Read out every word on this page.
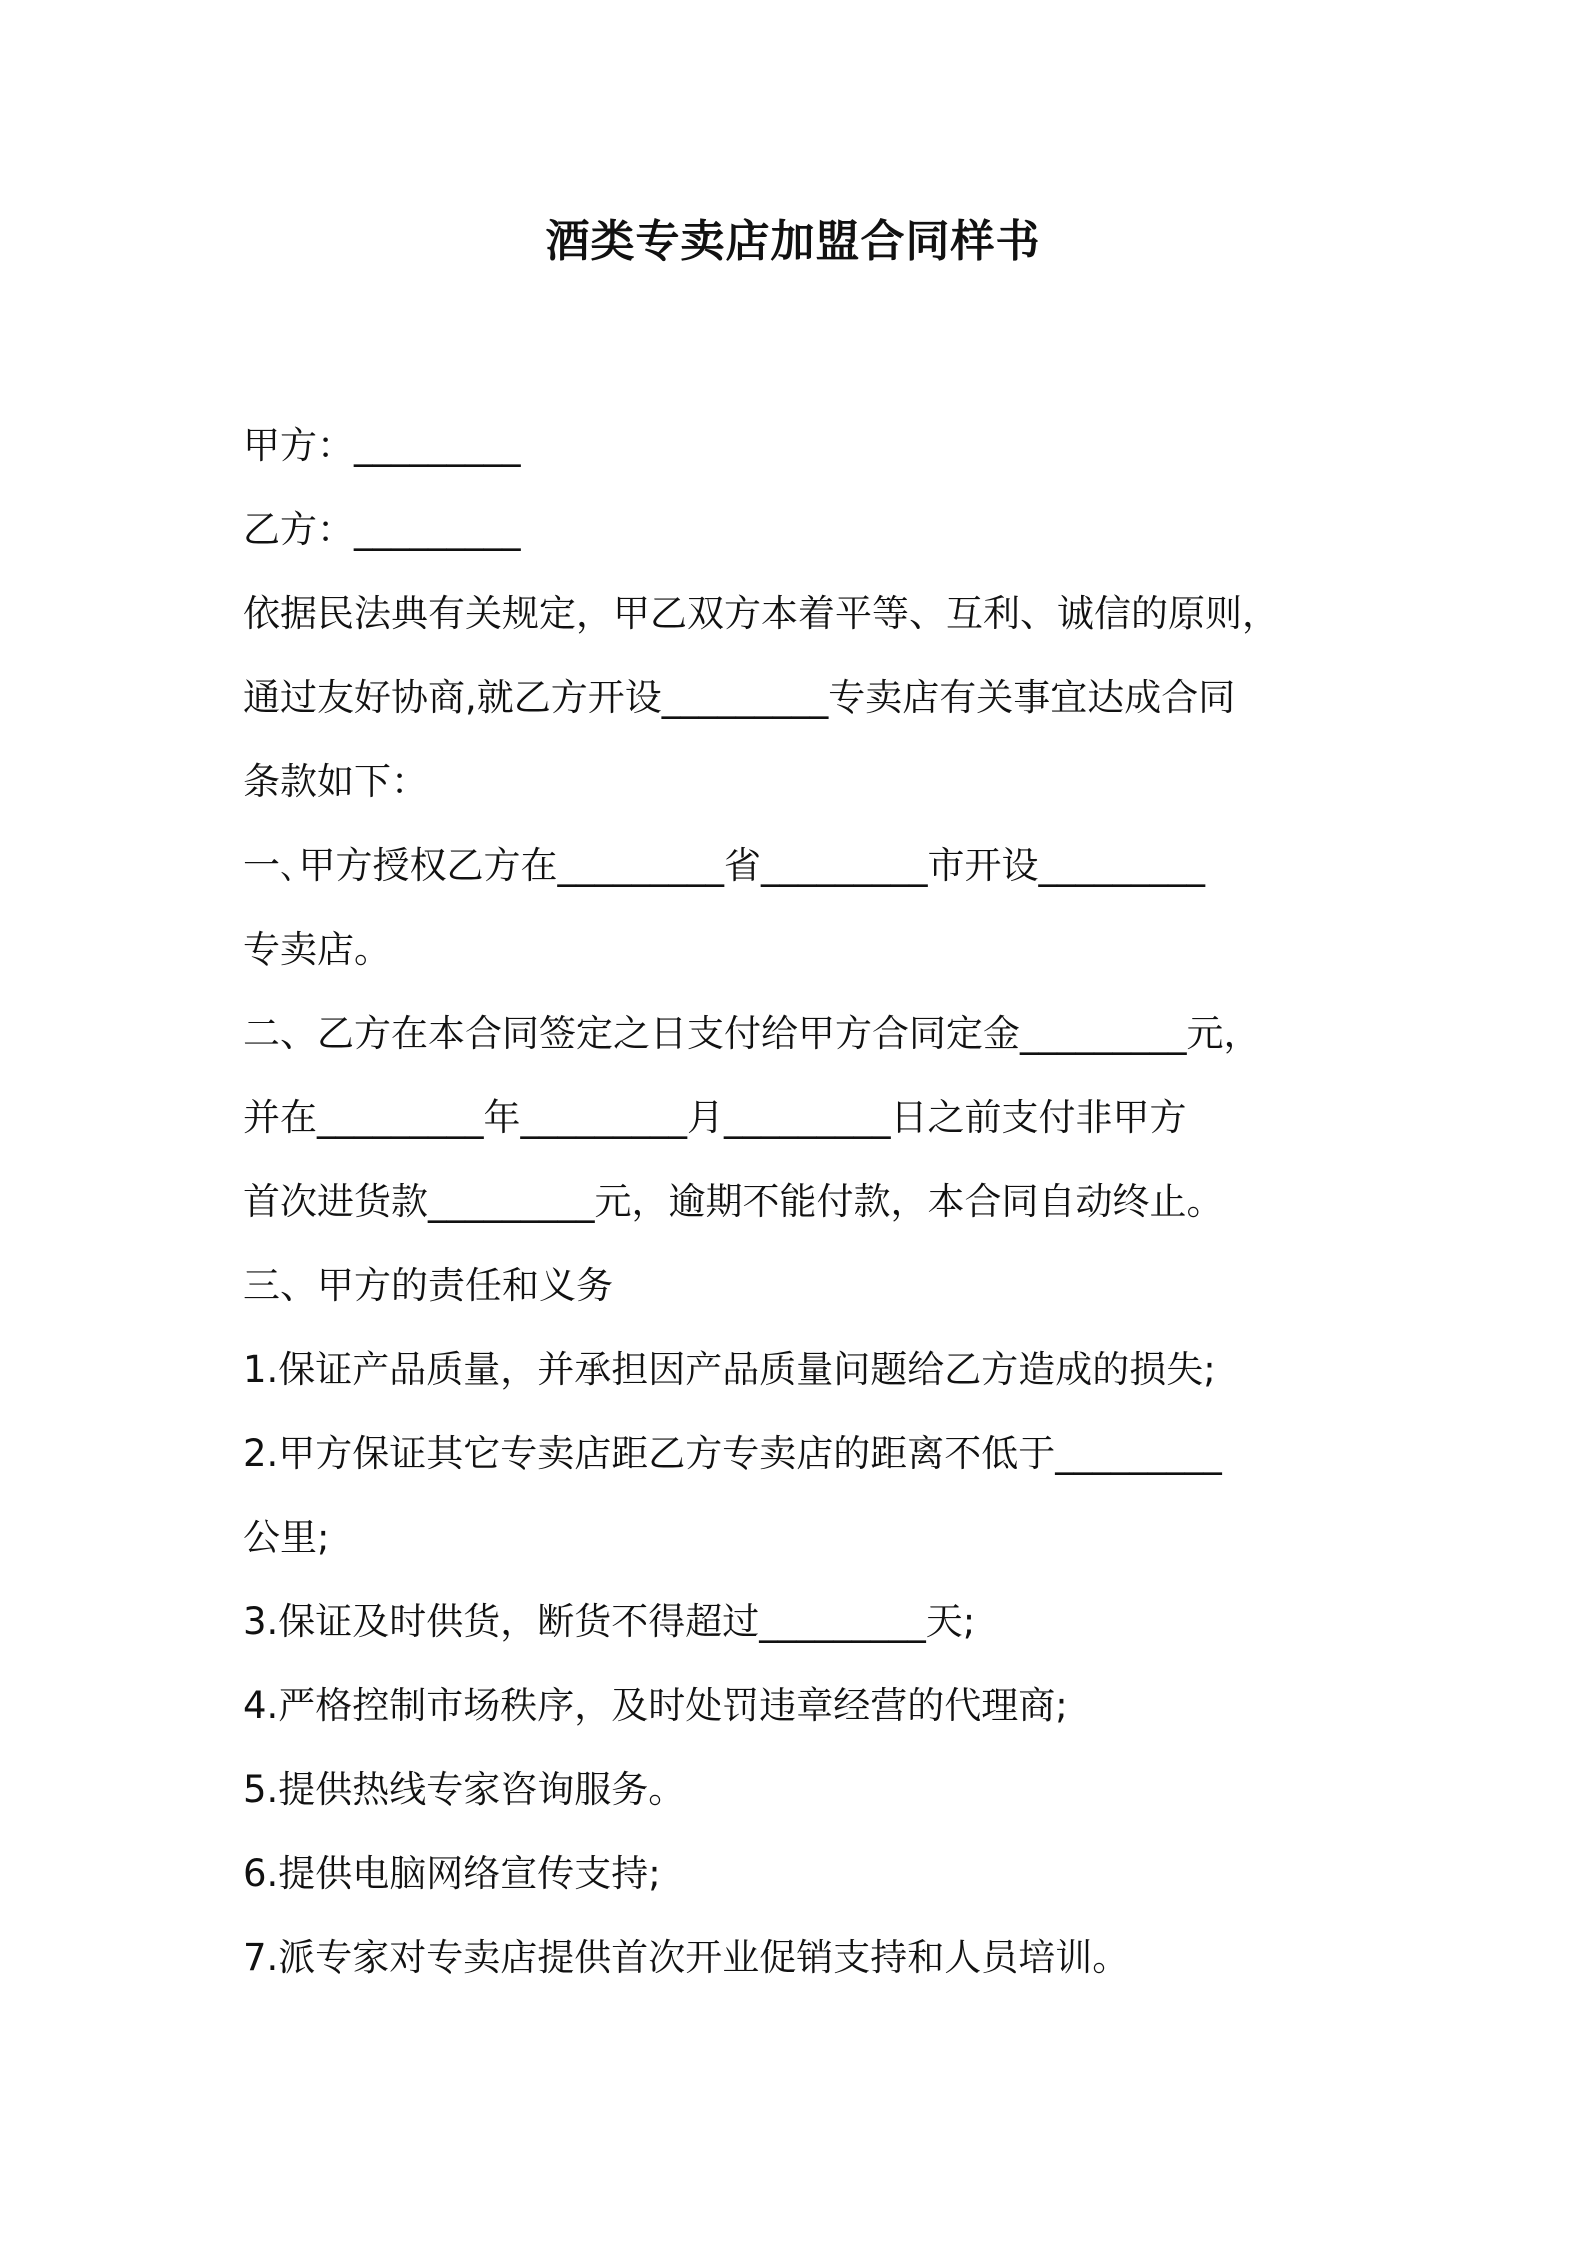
酒类专卖店加盟合同样书
甲方：_________
乙方：_________
依据民法典有关规定，甲乙双方本着平等、互利、诚信的原则，
通过友好协商,就乙方开设_________专卖店有关事宜达成合同
条款如下：
一､甲方授权乙方在_________省_________市开设_________
专卖店。
二、乙方在本合同签定之日支付给甲方合同定金_________元，
并在_________年_________月_________日之前支付非甲方
首次进货款_________元，逾期不能付款，本合同自动终止。
三、甲方的责任和义务
1.保证产品质量，并承担因产品质量问题给乙方造成的损失;
2.甲方保证其它专卖店距乙方专卖店的距离不低于_________
公里;
3.保证及时供货，断货不得超过_________天;
4.严格控制市场秩序，及时处罚违章经营的代理商;
5.提供热线专家咨询服务。
6.提供电脑网络宣传支持;
7.派专家对专卖店提供首次开业促销支持和人员培训。
